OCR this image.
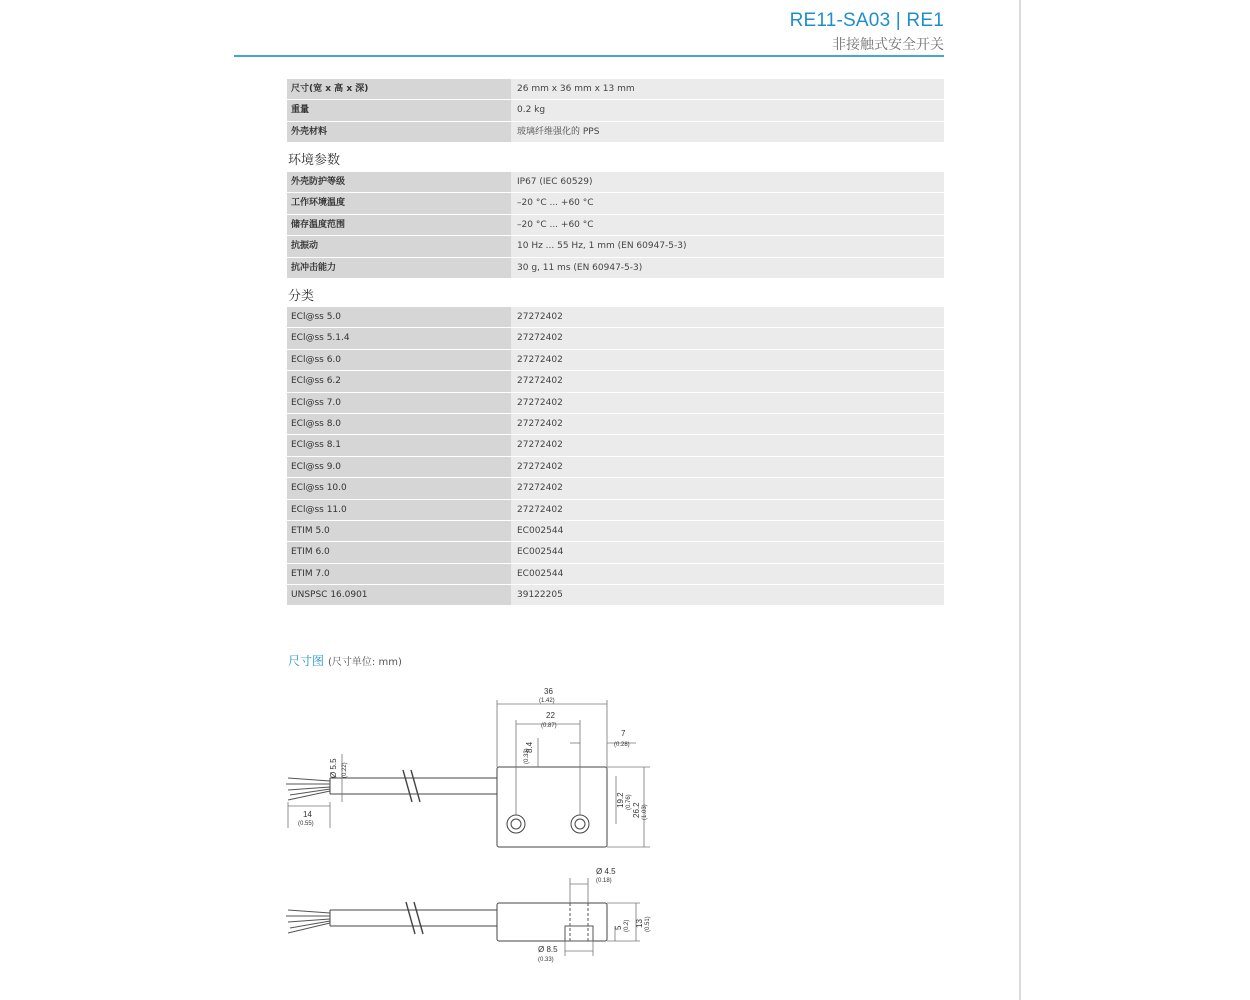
RE11-SA03 | RE1
非接触式安全开关
尺寸(宽 x 高 x 深)	26 mm x 36 mm x 13 mm
重量	0.2 kg
外壳材料	玻璃纤维强化的 PPS
环境参数
外壳防护等级	IP67 (IEC 60529)
工作环境温度	–20 °C ... +60 °C
储存温度范围	–20 °C ... +60 °C
抗振动	10 Hz ... 55 Hz, 1 mm (EN 60947-5-3)
抗冲击能力	30 g, 11 ms (EN 60947-5-3)
分类
ECl@ss 5.0	27272402
ECl@ss 5.1.4	27272402
ECl@ss 6.0	27272402
ECl@ss 6.2	27272402
ECl@ss 7.0	27272402
ECl@ss 8.0	27272402
ECl@ss 8.1	27272402
ECl@ss 9.0	27272402
ECl@ss 10.0	27272402
ECl@ss 11.0	27272402
ETIM 5.0	EC002544
ETIM 6.0	EC002544
ETIM 7.0	EC002544
UNSPSC 16.0901	39122205
尺寸图 (尺寸单位: mm)
36
(1.42)
22
(0.87)
8.4
(0.33)
7
(0.28)
Ø 5.5 (0.22)
14
(0.55)
19.2 (0.76)
26.2 (1.03)
Ø 4.5
(0.18)
Ø 8.5
(0.33)
5 (0.2) 13 (0.51)
